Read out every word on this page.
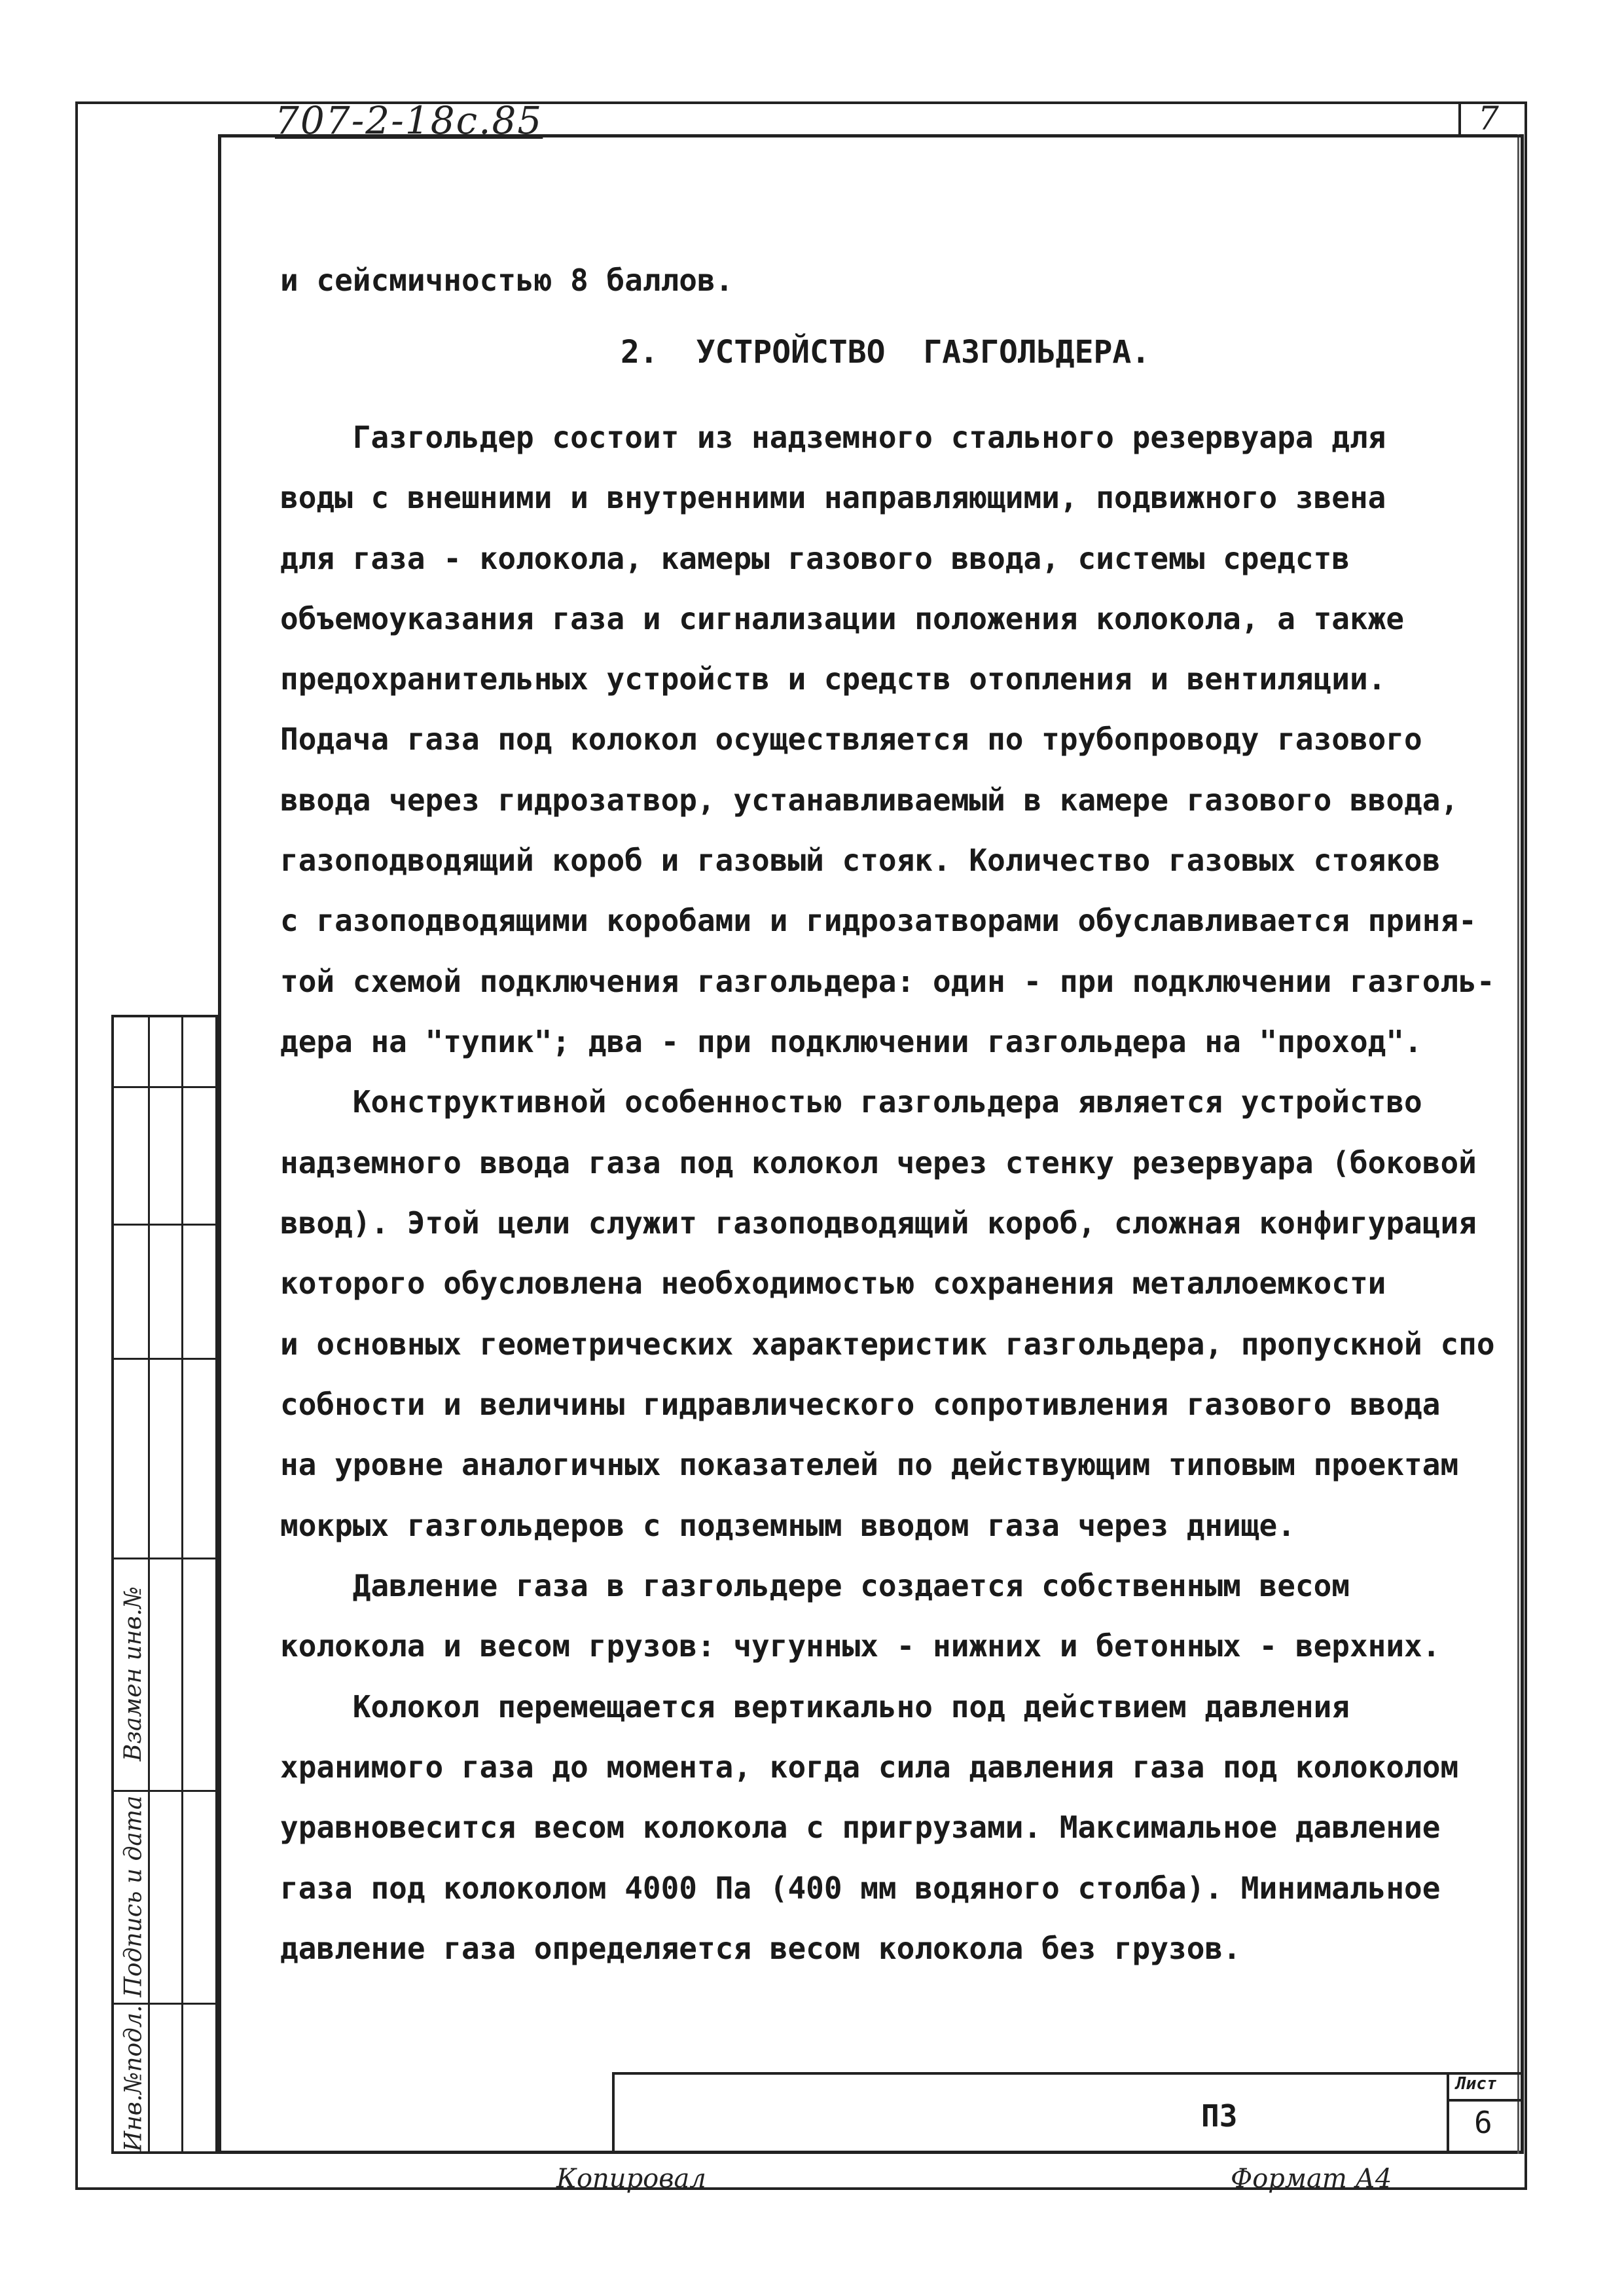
707-2-18с.85	7
и сейсмичностью 8 баллов.
2.  УСТРОЙСТВО  ГАЗГОЛЬДЕРА.
Газгольдер состоит из надземного стального резервуара для
воды с внешними и внутренними направляющими, подвижного звена
для газа - колокола, камеры газового ввода, системы средств
объемоуказания газа и сигнализации положения колокола, а также
предохранительных устройств и средств отопления и вентиляции.
Подача газа под колокол осуществляется по трубопроводу газового
ввода через гидрозатвор, устанавливаемый в камере газового ввода,
газоподводящий короб и газовый стояк. Количество газовых стояков
с газоподводящими коробами и гидрозатворами обуславливается приня-
той схемой подключения газгольдера: один - при подключении газголь-
дера на "тупик"; два - при подключении газгольдера на "проход".
Конструктивной особенностью газгольдера является устройство
надземного ввода газа под колокол через стенку резервуара (боковой
ввод). Этой цели служит газоподводящий короб, сложная конфигурация
которого обусловлена необходимостью сохранения металлоемкости
и основных геометрических характеристик газгольдера, пропускной спо
собности и величины гидравлического сопротивления газового ввода
на уровне аналогичных показателей по действующим типовым проектам
мокрых газгольдеров с подземным вводом газа через днище.
Давление газа в газгольдере создается собственным весом
колокола и весом грузов: чугунных - нижних и бетонных - верхних.
Колокол перемещается вертикально под действием давления
хранимого газа до момента, когда сила давления газа под колоколом
уравновесится весом колокола с пригрузами. Максимальное давление
газа под колоколом 4000 Па (400 мм водяного столба). Минимальное
давление газа определяется весом колокола без грузов.
Инв.№подл.
Подпись и дата
Взамен инв.№
Лист
ПЗ	6
Копировал	Формат А4
